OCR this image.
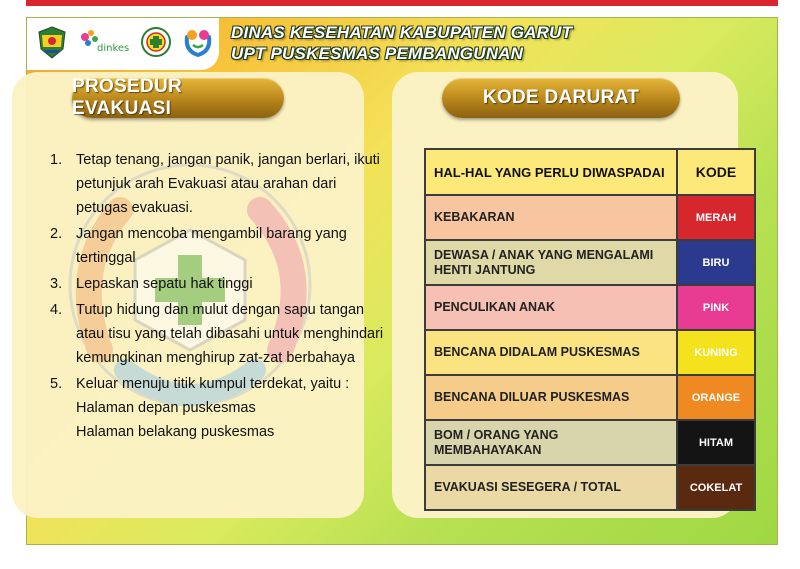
dinkes
DINAS KESEHATAN KABUPATEN GARUT
UPT PUSKESMAS PEMBANGUNAN
PROSEDUR EVAKUASI
KODE DARURAT
1. Tetap tenang, jangan panik, jangan berlari, ikuti petunjuk arah Evakuasi atau arahan dari petugas evakuasi.
2. Jangan mencoba mengambil barang yang tertinggal
3. Lepaskan sepatu hak tinggi
4. Tutup hidung dan mulut dengan sapu tangan atau tisu yang telah dibasahi untuk menghindari kemungkinan menghirup zat-zat berbahaya
5. Keluar menuju titik kumpul terdekat, yaitu :
Halaman depan puskesmas
Halaman belakang puskesmas
HAL-HAL YANG PERLU DIWASPADAI	KODE
KEBAKARAN	MERAH
DEWASA / ANAK YANG MENGALAMI HENTI JANTUNG	BIRU
PENCULIKAN ANAK	PINK
BENCANA DIDALAM PUSKESMAS	KUNING
BENCANA DILUAR PUSKESMAS	ORANGE
BOM / ORANG YANG MEMBAHAYAKAN	HITAM
EVAKUASI SESEGERA / TOTAL	COKELAT
